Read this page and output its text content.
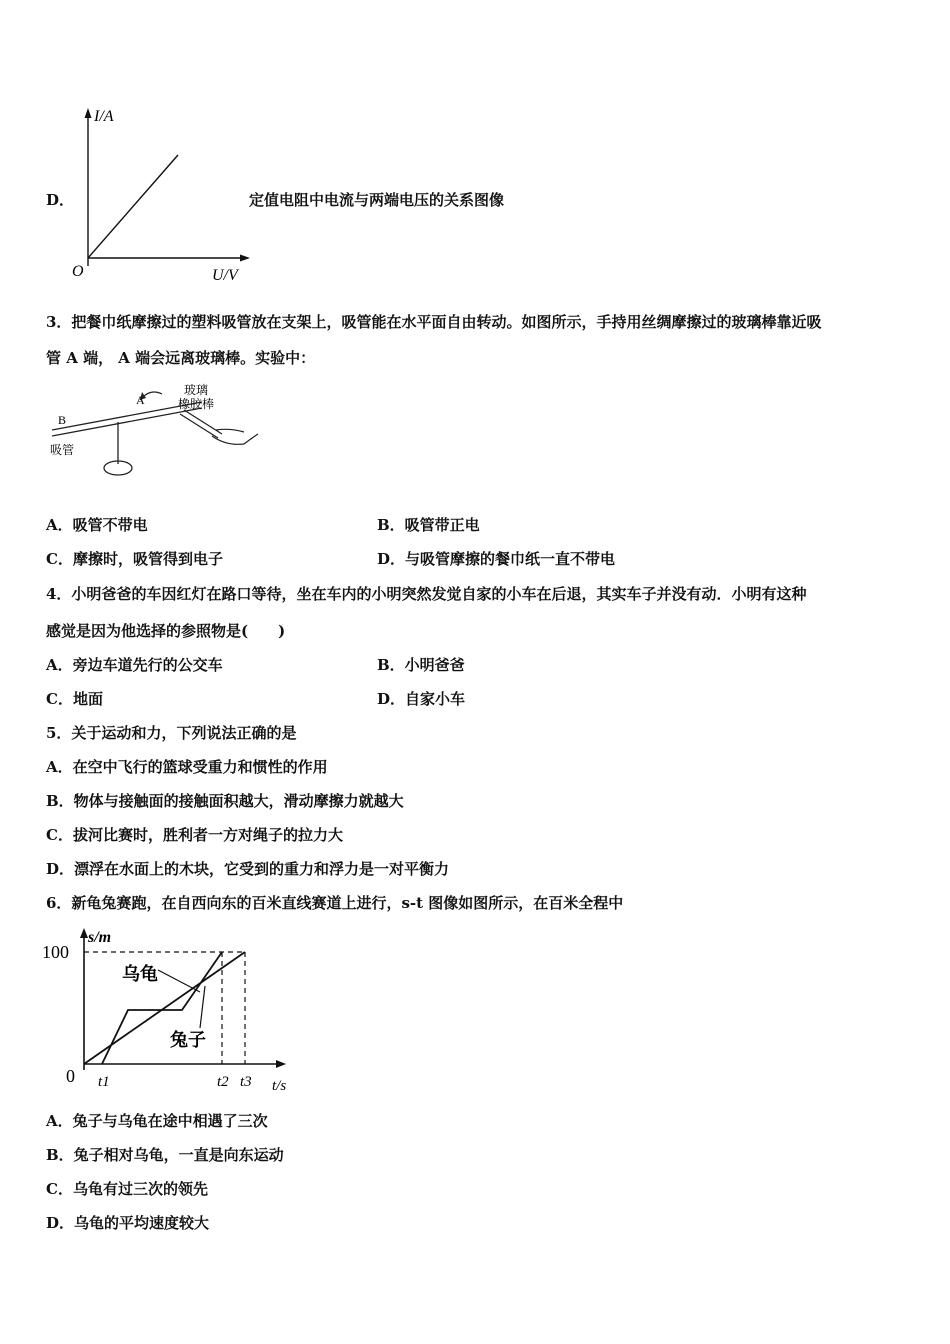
D．
I/A
O	U/V
定值电阻中电流与两端电压的关系图像
3．把餐巾纸摩擦过的塑料吸管放在支架上，吸管能在水平面自由转动。如图所示，手持用丝绸摩擦过的玻璃棒靠近吸
管 A 端， A 端会远离玻璃棒。实验中：
B
A
吸管
玻璃
橡胶棒
A．吸管不带电	B．吸管带正电
C．摩擦时，吸管得到电子	D．与吸管摩擦的餐巾纸一直不带电
4．小明爸爸的车因红灯在路口等待，坐在车内的小明突然发觉自家的小车在后退，其实车子并没有动．小明有这种
感觉是因为他选择的参照物是(　　)
A．旁边车道先行的公交车	B．小明爸爸
C．地面	D．自家小车
5．关于运动和力，下列说法正确的是
A．在空中飞行的篮球受重力和惯性的作用
B．物体与接触面的接触面积越大，滑动摩擦力就越大
C．拔河比赛时，胜利者一方对绳子的拉力大
D．漂浮在水面上的木块，它受到的重力和浮力是一对平衡力
6．新龟兔赛跑，在自西向东的百米直线赛道上进行，s-t 图像如图所示，在百米全程中
100
s/m
0 t1	t2 t3 t/s
乌龟
兔子
A．兔子与乌龟在途中相遇了三次
B．兔子相对乌龟，一直是向东运动
C．乌龟有过三次的领先
D．乌龟的平均速度较大
